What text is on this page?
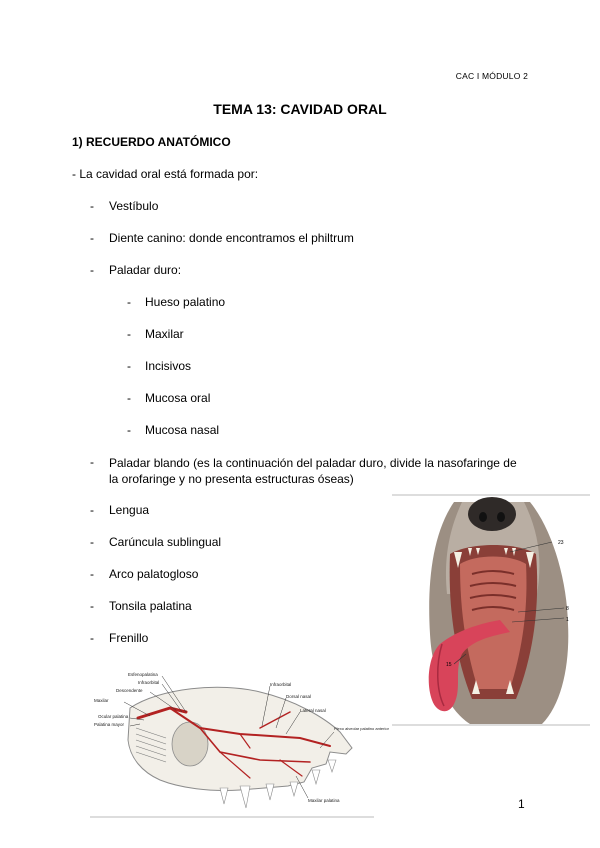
CAC I MÓDULO 2
TEMA 13: CAVIDAD ORAL
1) RECUERDO ANATÓMICO
- La cavidad oral está formada por:
- Vestíbulo
- Diente canino: donde encontramos el philtrum
- Paladar duro:
- Hueso palatino
- Maxilar
- Incisivos
- Mucosa oral
- Mucosa nasal
- Paladar blando (es la continuación del paladar duro, divide la nasofaringe de la orofaringe y no presenta estructuras óseas)
- Lengua
- Carúncula sublingual
- Arco palatogloso
- Tonsila palatina
- Frenillo
23
8
1
15
Esfenopalatina
Infraorbital
Descendente
Maxilar
Ocular palatina
Palatina mayor
Infraorbital
Dorsal nasal
Lateral nasal
Plexo alveolar palatino anterior
Maxilar palatina	1
